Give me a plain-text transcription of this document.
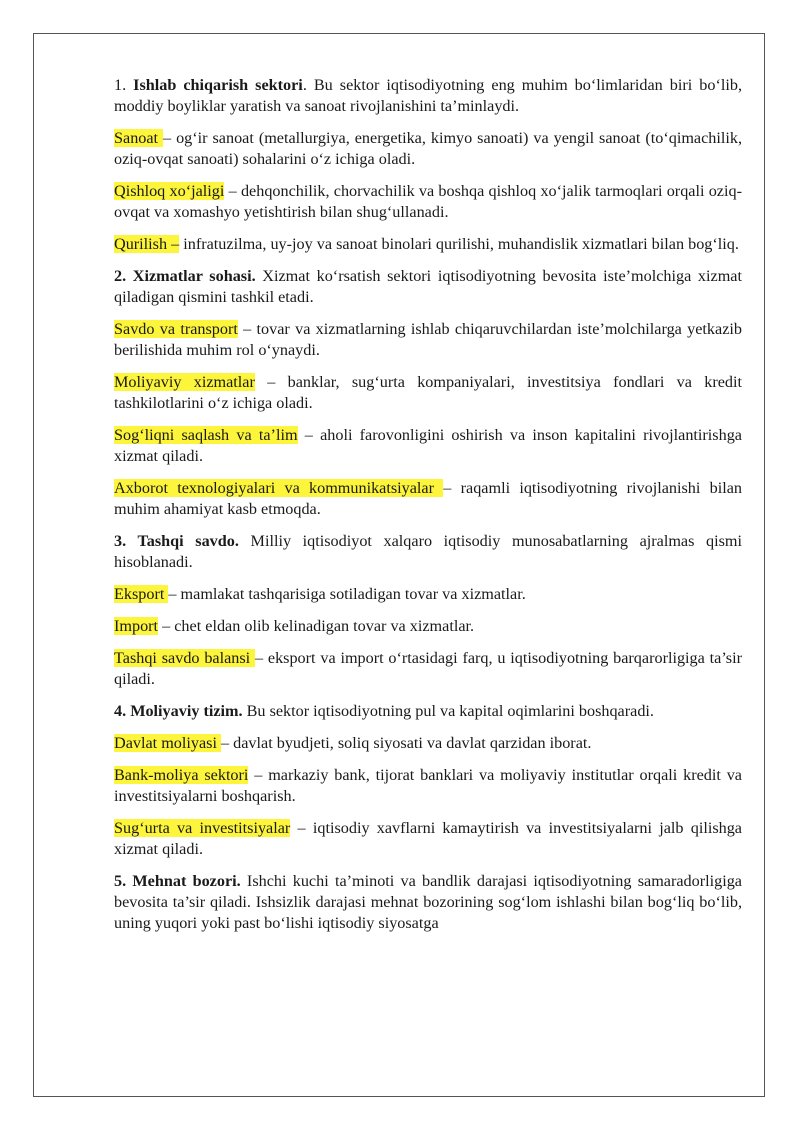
1. Ishlab chiqarish sektori. Bu sektor iqtisodiyotning eng muhim bo‘limlaridan biri bo‘lib, moddiy boyliklar yaratish va sanoat rivojlanishini ta’minlaydi.

Sanoat – og‘ir sanoat (metallurgiya, energetika, kimyo sanoati) va yengil sanoat (to‘qimachilik, oziq-ovqat sanoati) sohalarini o‘z ichiga oladi.

Qishloq xo‘jaligi – dehqonchilik, chorvachilik va boshqa qishloq xo‘jalik tarmoqlari orqali oziq-ovqat va xomashyo yetishtirish bilan shug‘ullanadi.

Qurilish – infratuzilma, uy-joy va sanoat binolari qurilishi, muhandislik xizmatlari bilan bog‘liq.

2. Xizmatlar sohasi. Xizmat ko‘rsatish sektori iqtisodiyotning bevosita iste’molchiga xizmat qiladigan qismini tashkil etadi.

Savdo va transport – tovar va xizmatlarning ishlab chiqaruvchilardan iste’molchilarga yetkazib berilishida muhim rol o‘ynaydi.

Moliyaviy xizmatlar – banklar, sug‘urta kompaniyalari, investitsiya fondlari va kredit tashkilotlarini o‘z ichiga oladi.

Sog‘liqni saqlash va ta’lim – aholi farovonligini oshirish va inson kapitalini rivojlantirishga xizmat qiladi.

Axborot texnologiyalari va kommunikatsiyalar – raqamli iqtisodiyotning rivojlanishi bilan muhim ahamiyat kasb etmoqda.

3. Tashqi savdo. Milliy iqtisodiyot xalqaro iqtisodiy munosabatlarning ajralmas qismi hisoblanadi.

Eksport – mamlakat tashqarisiga sotiladigan tovar va xizmatlar.

Import – chet eldan olib kelinadigan tovar va xizmatlar.

Tashqi savdo balansi – eksport va import o‘rtasidagi farq, u iqtisodiyotning barqarorligiga ta’sir qiladi.

4. Moliyaviy tizim. Bu sektor iqtisodiyotning pul va kapital oqimlarini boshqaradi.

Davlat moliyasi – davlat byudjeti, soliq siyosati va davlat qarzidan iborat.

Bank-moliya sektori – markaziy bank, tijorat banklari va moliyaviy institutlar orqali kredit va investitsiyalarni boshqarish.

Sug‘urta va investitsiyalar – iqtisodiy xavflarni kamaytirish va investitsiyalarni jalb qilishga xizmat qiladi.

5. Mehnat bozori. Ishchi kuchi ta’minoti va bandlik darajasi iqtisodiyotning samaradorligiga bevosita ta’sir qiladi. Ishsizlik darajasi mehnat bozorining sog‘lom ishlashi bilan bog‘liq bo‘lib, uning yuqori yoki past bo‘lishi iqtisodiy siyosatga
